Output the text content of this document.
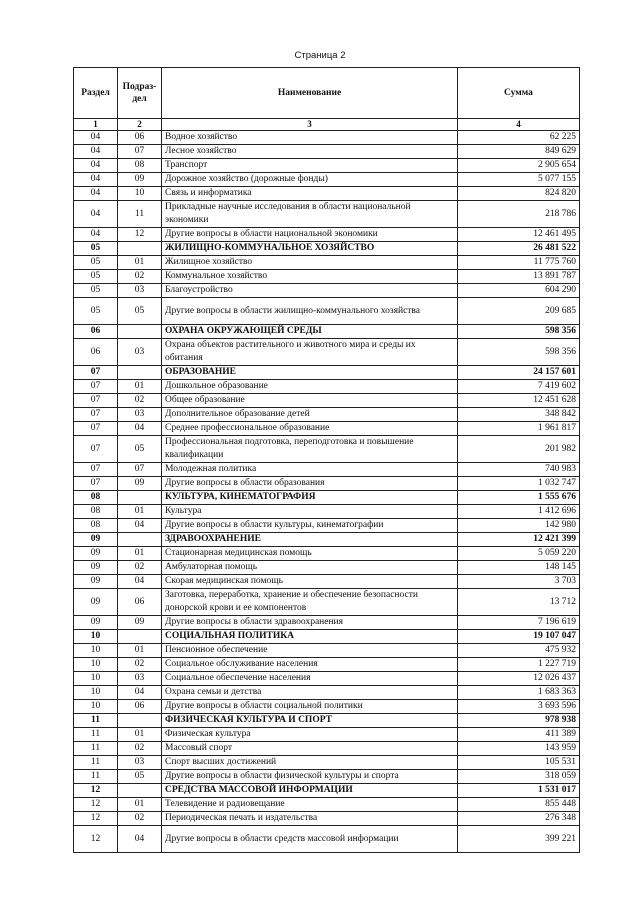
Страница 2
Раздел	Подраз-дел	Наименование	Сумма
1	2	3	4
04	06	Водное хозяйство	62 225
04	07	Лесное хозяйство	849 629
04	08	Транспорт	2 905 654
04	09	Дорожное хозяйство (дорожные фонды)	5 077 155
04	10	Связь и информатика	824 820
04	11	Прикладные научные исследования в области национальной экономики	218 786
04	12	Другие вопросы в области национальной экономики	12 461 495
05		ЖИЛИЩНО-КОММУНАЛЬНОЕ ХОЗЯЙСТВО	26 481 522
05	01	Жилищное хозяйство	11 775 760
05	02	Коммунальное хозяйство	13 891 787
05	03	Благоустройство	604 290
05	05	Другие вопросы в области жилищно-коммунального хозяйства	209 685
06		ОХРАНА ОКРУЖАЮЩЕЙ СРЕДЫ	598 356
06	03	Охрана объектов растительного и животного мира и среды их обитания	598 356
07		ОБРАЗОВАНИЕ	24 157 601
07	01	Дошкольное образование	7 419 602
07	02	Общее образование	12 451 628
07	03	Дополнительное образование детей	348 842
07	04	Среднее профессиональное образование	1 961 817
07	05	Профессиональная подготовка, переподготовка и повышение квалификации	201 982
07	07	Молодежная политика	740 983
07	09	Другие вопросы в области образования	1 032 747
08		КУЛЬТУРА, КИНЕМАТОГРАФИЯ	1 555 676
08	01	Культура	1 412 696
08	04	Другие вопросы в области культуры, кинематографии	142 980
09		ЗДРАВООХРАНЕНИЕ	12 421 399
09	01	Стационарная медицинская помощь	5 059 220
09	02	Амбулаторная помощь	148 145
09	04	Скорая медицинская помощь	3 703
09	06	Заготовка, переработка, хранение и обеспечение безопасности донорской крови и ее компонентов	13 712
09	09	Другие вопросы в области здравоохранения	7 196 619
10		СОЦИАЛЬНАЯ ПОЛИТИКА	19 107 047
10	01	Пенсионное обеспечение	475 932
10	02	Социальное обслуживание населения	1 227 719
10	03	Социальное обеспечение населения	12 026 437
10	04	Охрана семьи и детства	1 683 363
10	06	Другие вопросы в области социальной политики	3 693 596
11		ФИЗИЧЕСКАЯ КУЛЬТУРА И СПОРТ	978 938
11	01	Физическая культура	411 389
11	02	Массовый спорт	143 959
11	03	Спорт высших достижений	105 531
11	05	Другие вопросы в области физической культуры и спорта	318 059
12		СРЕДСТВА МАССОВОЙ ИНФОРМАЦИИ	1 531 017
12	01	Телевидение и радиовещание	855 448
12	02	Периодическая печать и издательства	276 348
12	04	Другие вопросы в области средств массовой информации	399 221
